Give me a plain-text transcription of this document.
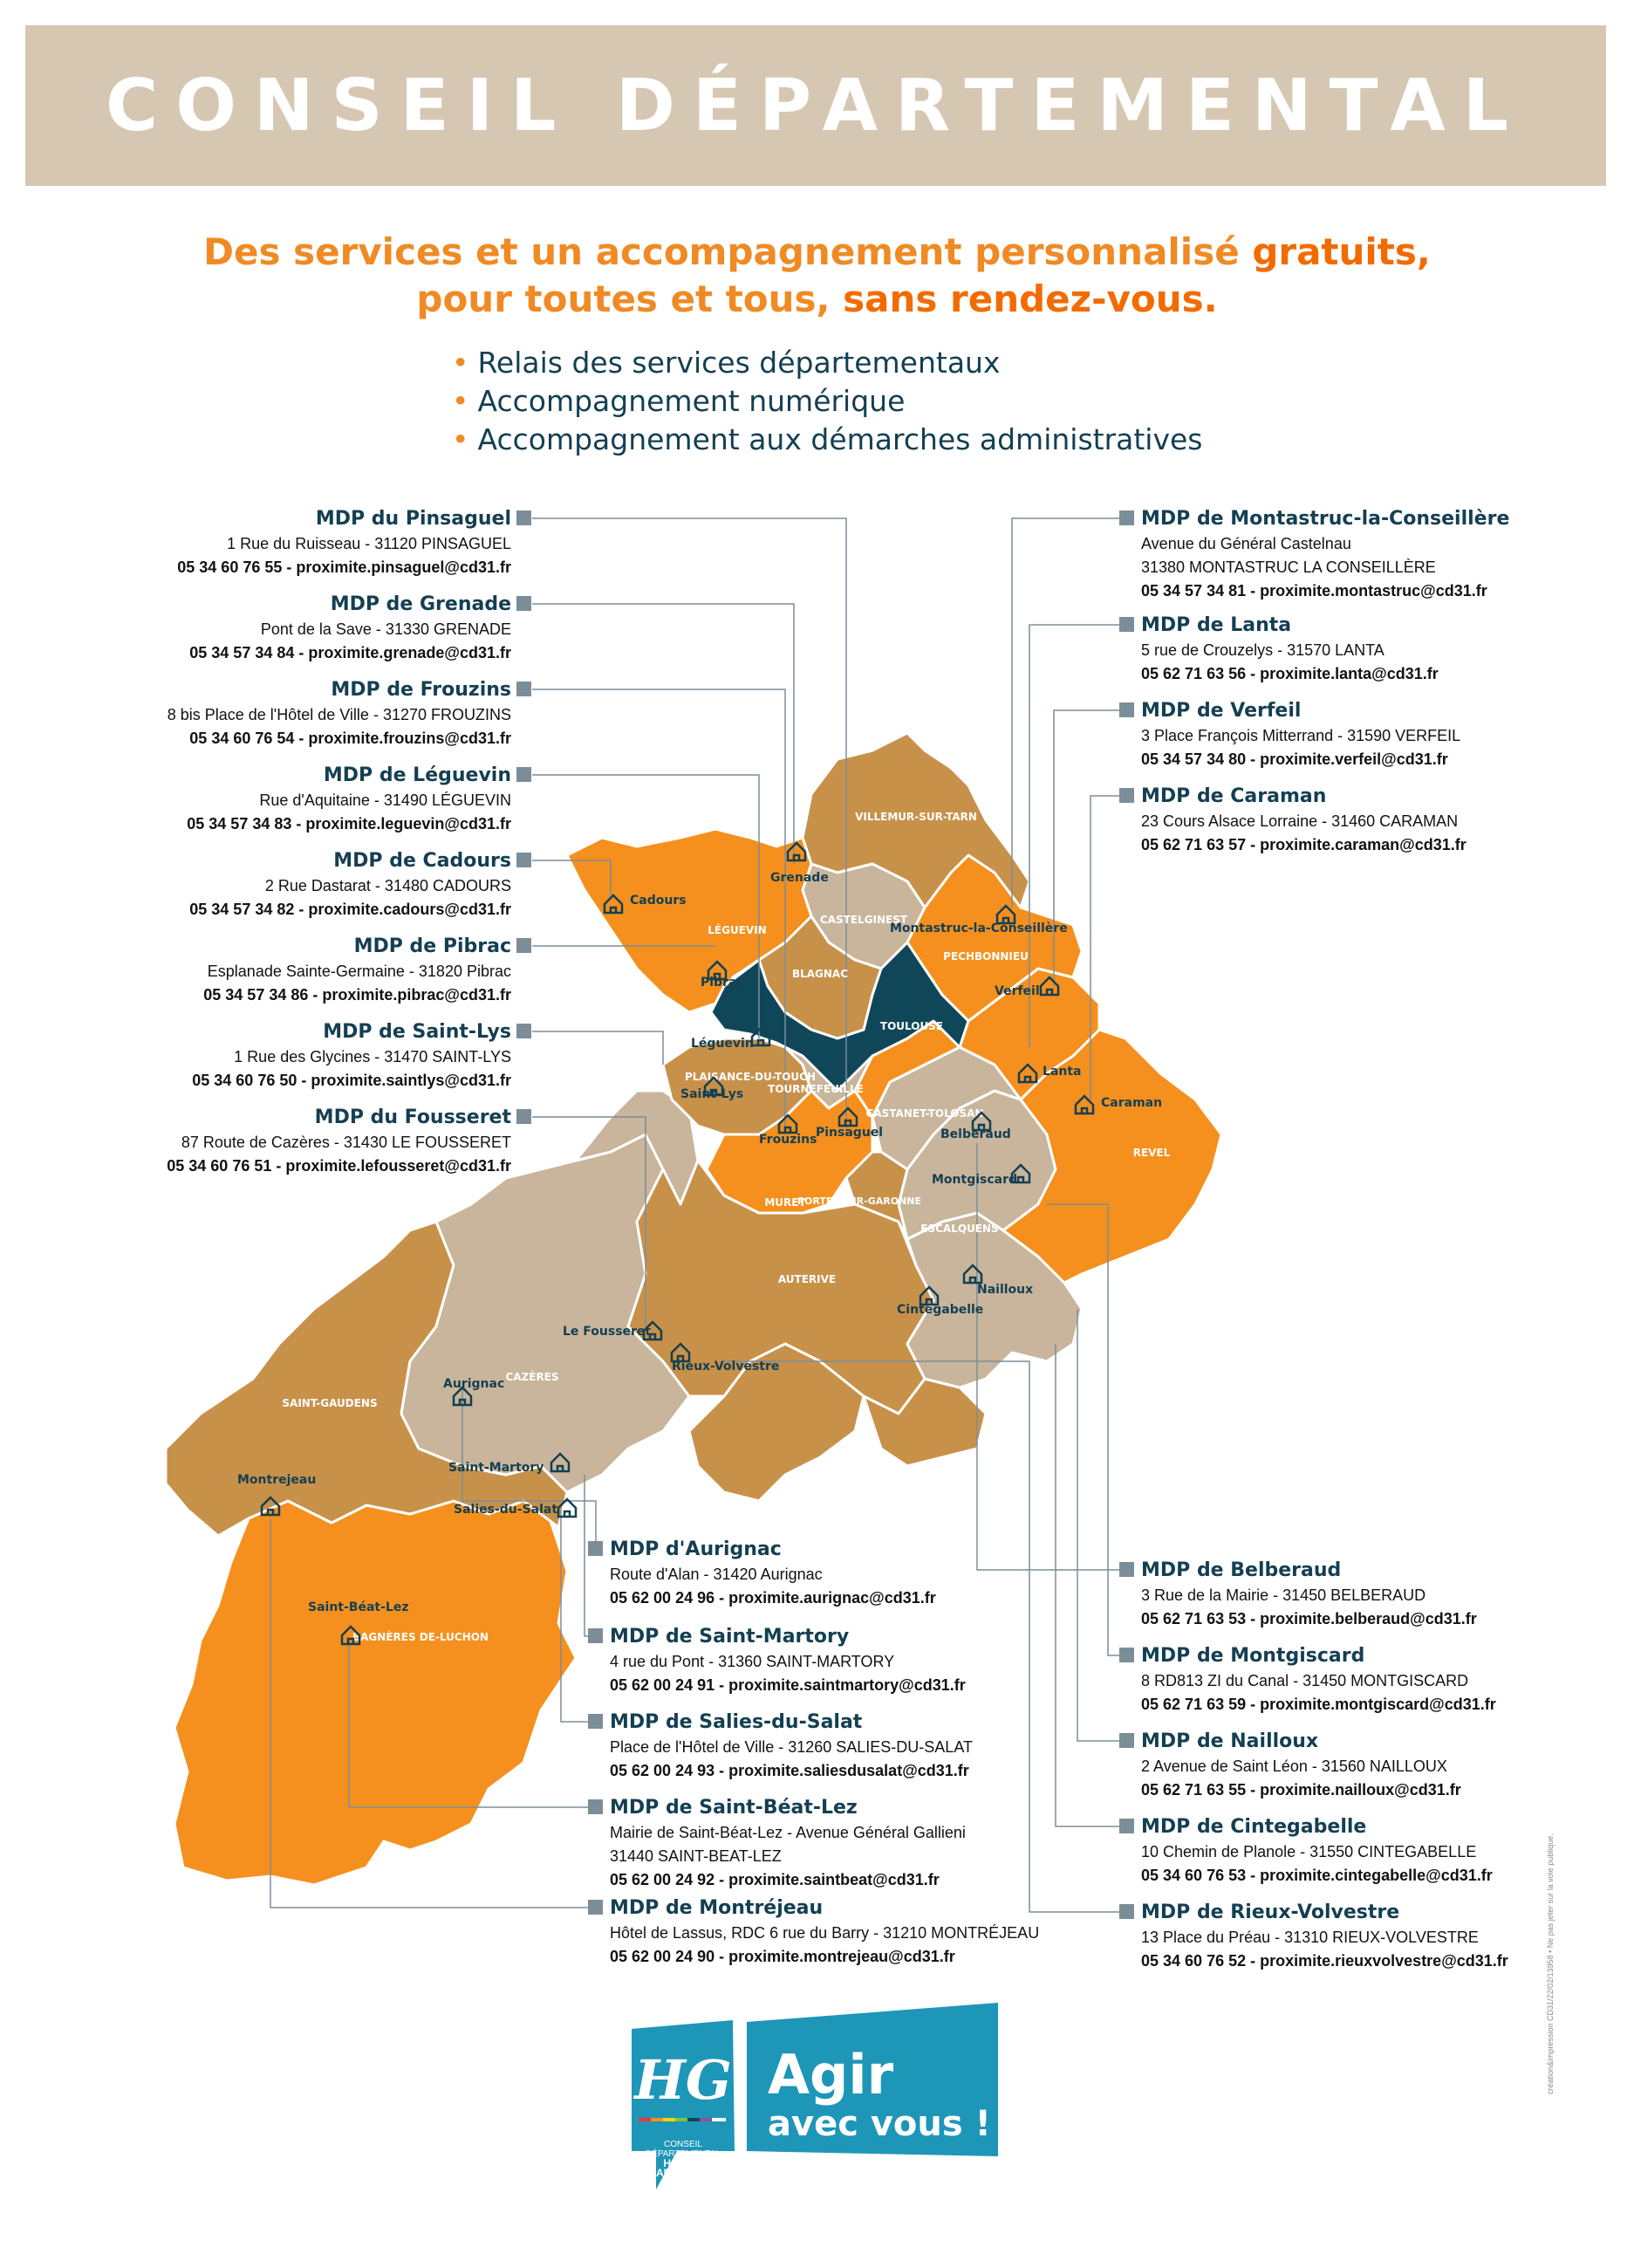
CONSEIL DÉPARTEMENTAL
Des services et un accompagnement personnalisé gratuits,
pour toutes et tous, sans rendez-vous.
• Relais des services départementaux
• Accompagnement numérique
• Accompagnement aux démarches administratives
VILLEMUR-SUR-TARN
LÉGUEVIN
CASTELGINEST
PECHBONNIEU
BLAGNAC
TOULOUSE
PLAISANCE-DU-TOUCH
TOURNEFEUILLE
CASTANET-TOLOSAN
REVEL
MURET
PORTET-SUR-GARONNE
ESCALQUENS
AUTERIVE
CAZÈRES
SAINT-GAUDENS
BAGNÈRES DE-LUCHON
Cadours
Grenade
Montastruc-la-Conseillère
Pibrac
Verfeil
Léguevin
Lanta
Caraman
Saint-Lys
Frouzins
Pinsaguel	Belberaud
Montgiscard
Nailloux
Cintegabelle
Le Fousseret
Rieux-Volvestre
Aurignac
Saint-Martory
Salies-du-Salat
Montrejeau
Saint-Béat-Lez
MDP du Pinsaguel
1 Rue du Ruisseau - 31120 PINSAGUEL
05 34 60 76 55 - proximite.pinsaguel@cd31.fr
MDP de Grenade
Pont de la Save - 31330 GRENADE
05 34 57 34 84 - proximite.grenade@cd31.fr
MDP de Frouzins
8 bis Place de l'Hôtel de Ville - 31270 FROUZINS
05 34 60 76 54 - proximite.frouzins@cd31.fr
MDP de Léguevin
Rue d'Aquitaine - 31490 LÉGUEVIN
05 34 57 34 83 - proximite.leguevin@cd31.fr
MDP de Cadours
2 Rue Dastarat - 31480 CADOURS
05 34 57 34 82 - proximite.cadours@cd31.fr
MDP de Pibrac
Esplanade Sainte-Germaine - 31820 Pibrac
05 34 57 34 86 - proximite.pibrac@cd31.fr
MDP de Saint-Lys
1 Rue des Glycines - 31470 SAINT-LYS
05 34 60 76 50 - proximite.saintlys@cd31.fr
MDP du Fousseret
87 Route de Cazères - 31430 LE FOUSSERET
05 34 60 76 51 - proximite.lefousseret@cd31.fr
MDP de Montastruc-la-Conseillère
Avenue du Général Castelnau
31380 MONTASTRUC LA CONSEILLÈRE
05 34 57 34 81 - proximite.montastruc@cd31.fr
MDP de Lanta
5 rue de Crouzelys - 31570 LANTA
05 62 71 63 56 - proximite.lanta@cd31.fr
MDP de Verfeil
3 Place François Mitterrand - 31590 VERFEIL
05 34 57 34 80 - proximite.verfeil@cd31.fr
MDP de Caraman
23 Cours Alsace Lorraine - 31460 CARAMAN
05 62 71 63 57 - proximite.caraman@cd31.fr
MDP d'Aurignac
Route d'Alan - 31420 Aurignac
05 62 00 24 96 - proximite.aurignac@cd31.fr
MDP de Saint-Martory
4 rue du Pont - 31360 SAINT-MARTORY
05 62 00 24 91 - proximite.saintmartory@cd31.fr
MDP de Salies-du-Salat
Place de l'Hôtel de Ville - 31260 SALIES-DU-SALAT
05 62 00 24 93 - proximite.saliesdusalat@cd31.fr
MDP de Saint-Béat-Lez
Mairie de Saint-Béat-Lez - Avenue Général Gallieni
31440 SAINT-BEAT-LEZ
05 62 00 24 92 - proximite.saintbeat@cd31.fr
MDP de Montréjeau
Hôtel de Lassus, RDC 6 rue du Barry - 31210 MONTRÉJEAU
05 62 00 24 90 - proximite.montrejeau@cd31.fr
MDP de Belberaud
3 Rue de la Mairie - 31450 BELBERAUD
05 62 71 63 53 - proximite.belberaud@cd31.fr
MDP de Montgiscard
8 RD813 ZI du Canal - 31450 MONTGISCARD
05 62 71 63 59 - proximite.montgiscard@cd31.fr
MDP de Nailloux
2 Avenue de Saint Léon - 31560 NAILLOUX
05 62 71 63 55 - proximite.nailloux@cd31.fr
MDP de Cintegabelle
10 Chemin de Planole - 31550 CINTEGABELLE
05 34 60 76 53 - proximite.cintegabelle@cd31.fr
MDP de Rieux-Volvestre
13 Place du Préau - 31310 RIEUX-VOLVESTRE
05 34 60 76 52 - proximite.rieuxvolvestre@cd31.fr
HG
CONSEIL DÉPARTEMENTAL
HAUTE-GARONNE.FR
Agir
avec vous !
création&impression CD31/22/02/13958 • Ne pas jeter sur la voie publique.
